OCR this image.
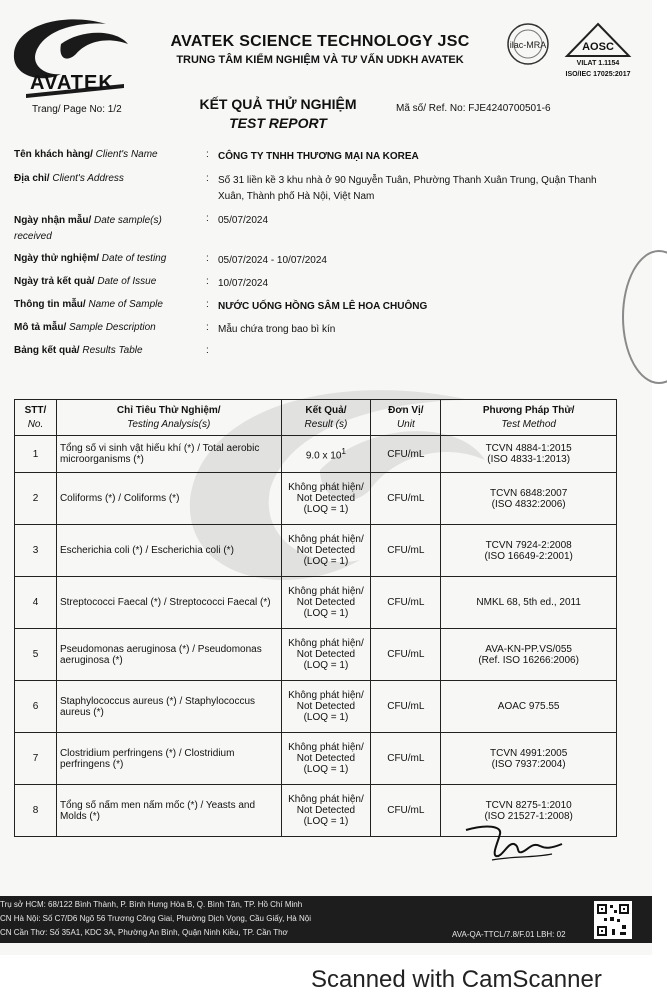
AVATEK
Trang/ Page No: 1/2
AVATEK SCIENCE TECHNOLOGY JSC
TRUNG TÂM KIỂM NGHIỆM VÀ TƯ VẤN UDKH AVATEK
ilac-MRA	AOSC
VILAT 1.1154
ISO/IEC 17025:2017
KẾT QUẢ THỬ NGHIỆM
TEST REPORT
Mã số/ Ref. No: FJE4240700501-6
Tên khách hàng/ Client's Name	: CÔNG TY TNHH THƯƠNG MẠI NA KOREA
Địa chỉ/ Client's Address	: Số 31 liền kề 3 khu nhà ở 90 Nguyễn Tuân, Phường Thanh Xuân Trung, Quận Thanh Xuân, Thành phố Hà Nội, Việt Nam
Ngày nhận mẫu/ Date sample(s) received
: 05/07/2024
Ngày thử nghiệm/ Date of testing	: 05/07/2024 - 10/07/2024
Ngày trả kết quả/ Date of Issue	: 10/07/2024
Thông tin mẫu/ Name of Sample	: NƯỚC UỐNG HỒNG SÂM LÊ HOA CHUÔNG
Mô tả mẫu/ Sample Description	: Mẫu chứa trong bao bì kín
Bảng kết quả/ Results Table	:
STT/
No.	Chỉ Tiêu Thử Nghiệm/
Testing Analysis(s)	Kết Quả/
Result (s)	Đơn Vị/
Unit	Phương Pháp Thử/
Test Method
1	Tổng số vi sinh vật hiếu khí (*) / Total aerobic microorganisms (*)	9.0 x $10^1$	CFU/mL	TCVN 4884-1:2015
(ISO 4833-1:2013)
2	Coliforms (*) / Coliforms (*)	Không phát hiện/
Not Detected
(LOQ = 1)	CFU/mL	TCVN 6848:2007
(ISO 4832:2006)
3	Escherichia coli (*) / Escherichia coli (*)	Không phát hiện/
Not Detected
(LOQ = 1)	CFU/mL	TCVN 7924-2:2008
(ISO 16649-2:2001)
4	Streptococci Faecal (*) / Streptococci Faecal (*)	Không phát hiện/
Not Detected
(LOQ = 1)	CFU/mL	NMKL 68, 5th ed., 2011
5	Pseudomonas aeruginosa (*) / Pseudomonas aeruginosa (*)	Không phát hiện/
Not Detected
(LOQ = 1)	CFU/mL	AVA-KN-PP.VS/055
(Ref. ISO 16266:2006)
6	Staphylococcus aureus (*) / Staphylococcus aureus (*)	Không phát hiện/
Not Detected
(LOQ = 1)	CFU/mL	AOAC 975.55
7	Clostridium perfringens (*) / Clostridium perfringens (*)	Không phát hiện/
Not Detected
(LOQ = 1)	CFU/mL	TCVN 4991:2005
(ISO 7937:2004)
8	Tổng số nấm men nấm mốc (*) / Yeasts and Molds (*)	Không phát hiện/
Not Detected
(LOQ = 1)	CFU/mL	TCVN 8275-1:2010
(ISO 21527-1:2008)
Trụ sở HCM: 68/122 Bình Thành, P. Bình Hưng Hòa B, Q. Bình Tân, TP. Hồ Chí Minh
CN Hà Nội: Số C7/D6 Ngõ 56 Trương Công Giai, Phường Dịch Vọng, Cầu Giấy, Hà Nội
CN Cần Thơ: Số 35A1, KDC 3A, Phường An Bình, Quận Ninh Kiều, TP. Cần Thơ	AVA-QA-TTCL/7.8/F.01 LBH: 02
Scanned with CamScanner
